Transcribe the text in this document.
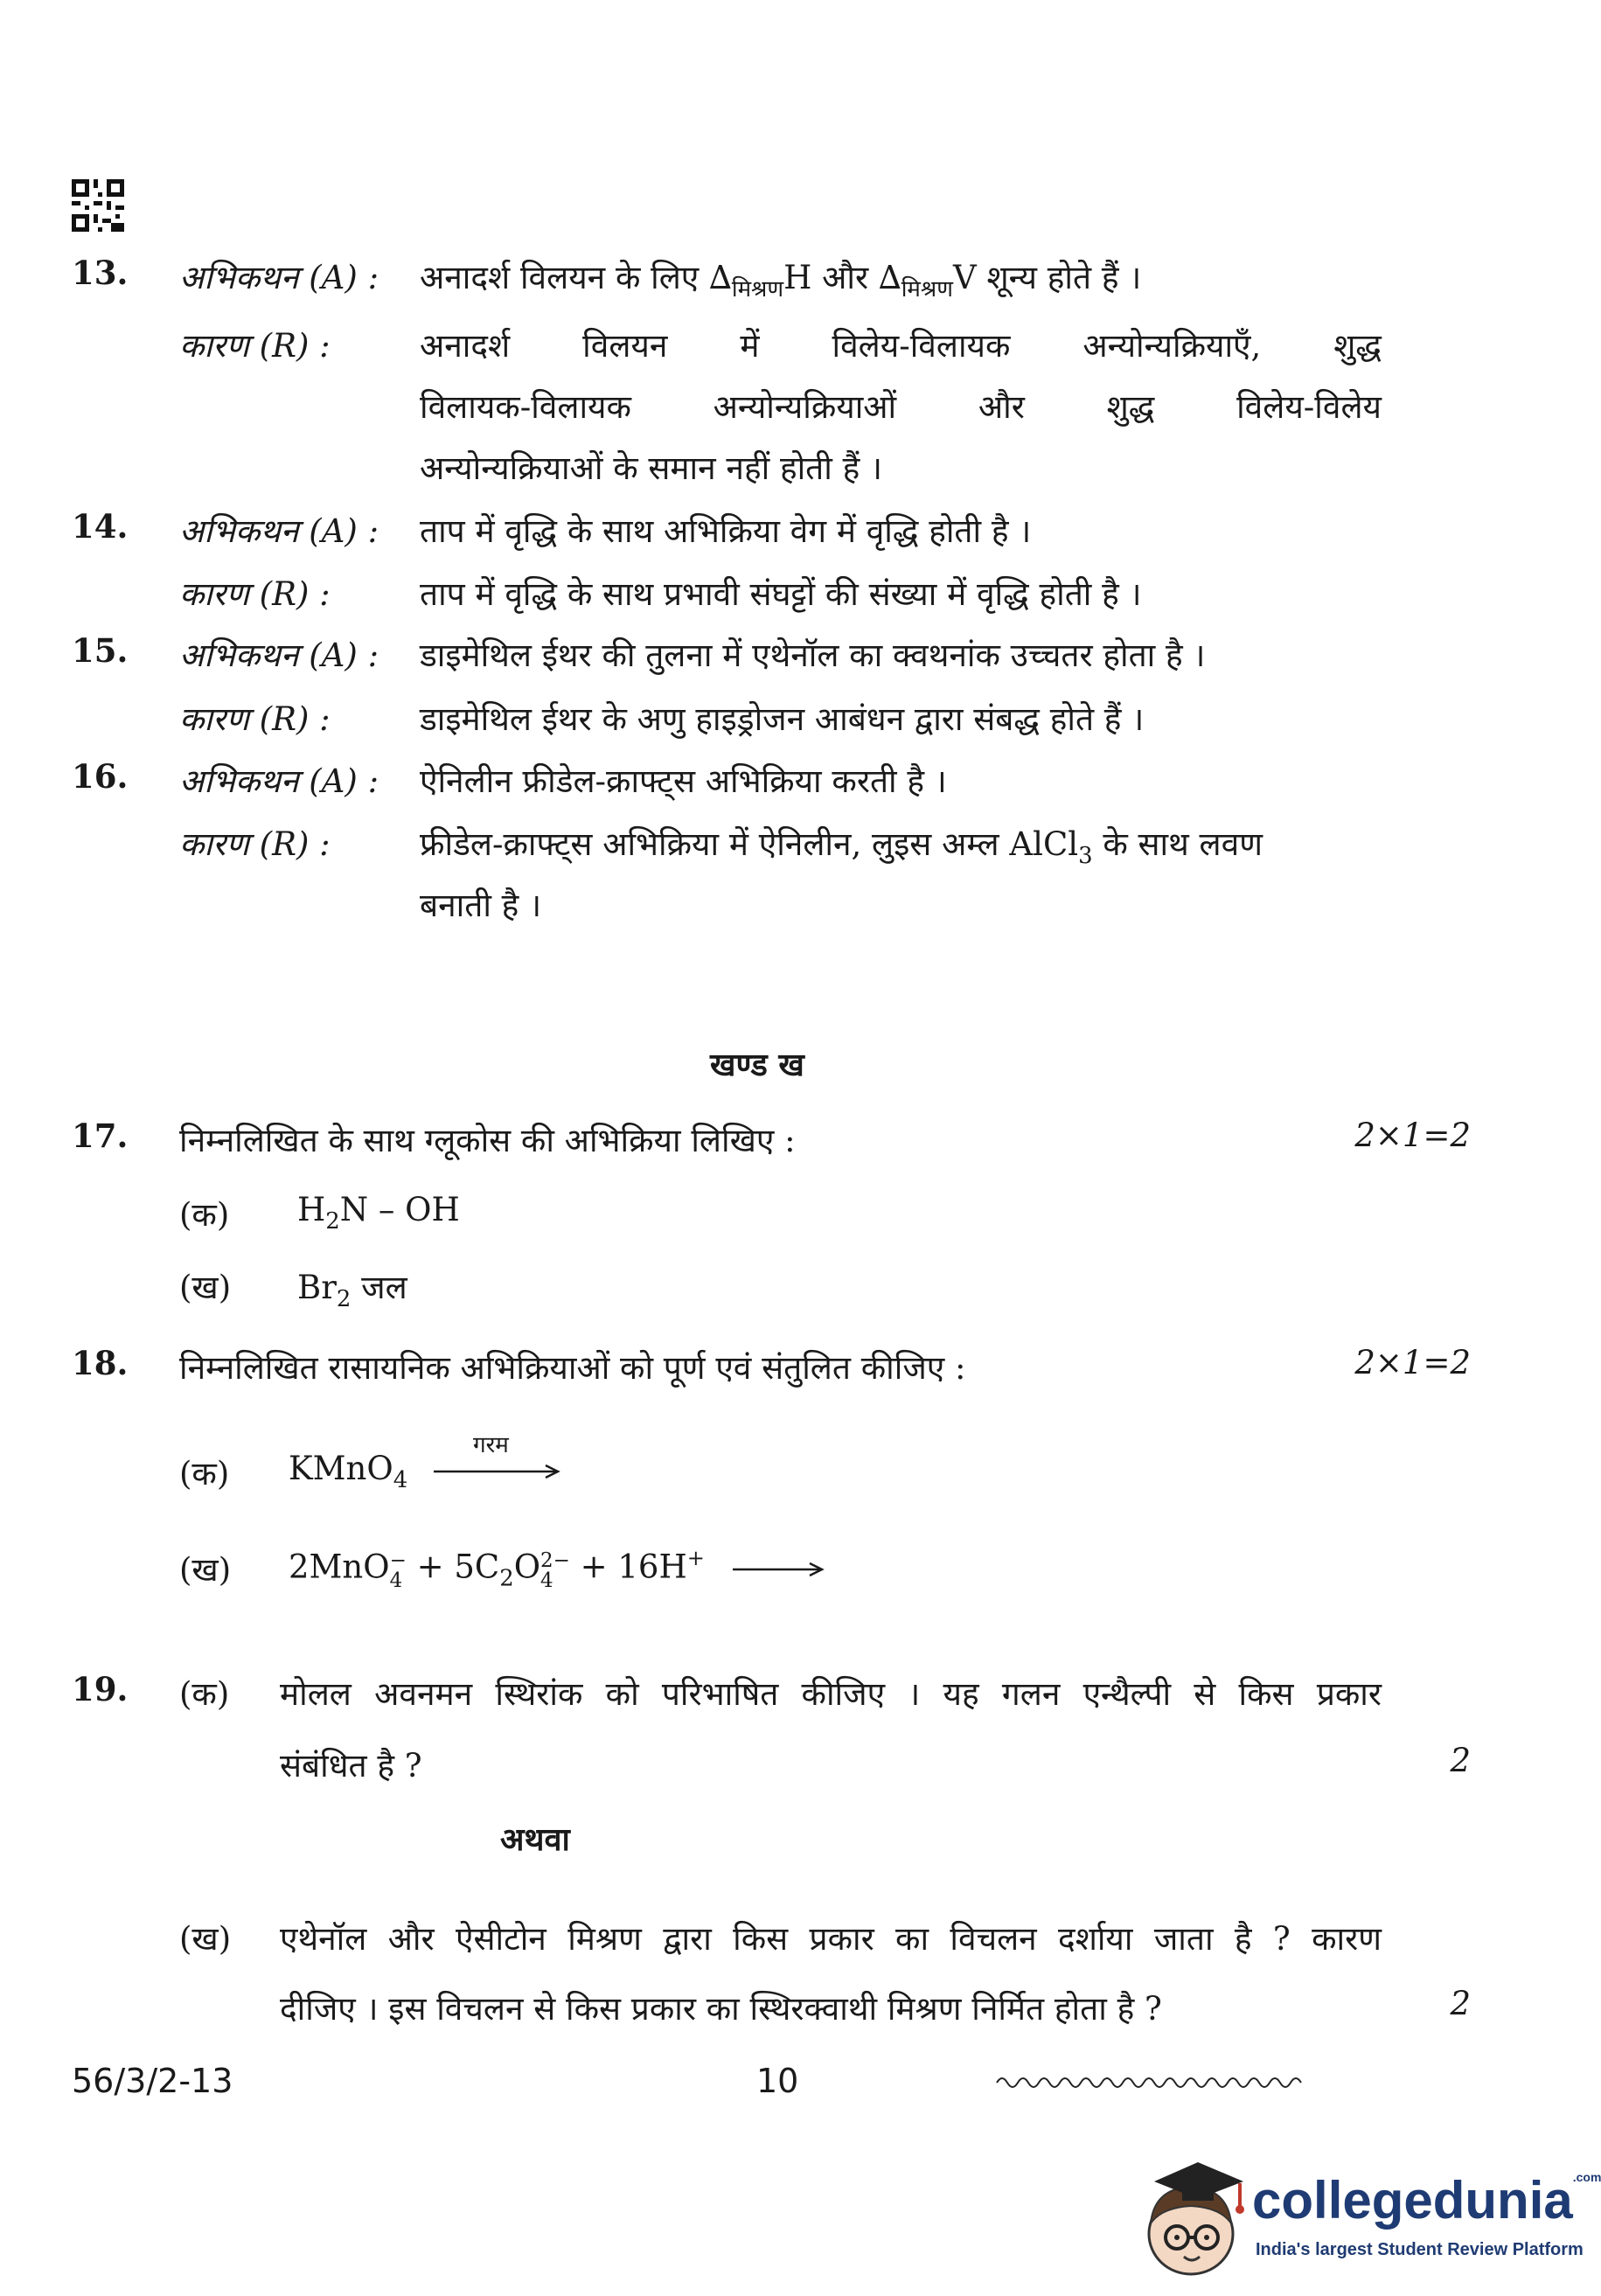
13. अभिकथन (A) : अनादर्श विलयन के लिए $\Delta_{मिश्रण}H$ और $\Delta_{मिश्रण}V$ शून्य होते हैं ।
कारण (R) :	अनादर्श विलयन में विलेय-विलायक अन्योन्यक्रियाएँ, शुद्ध
विलायक-विलायक अन्योन्यक्रियाओं और शुद्ध विलेय-विलेय
अन्योन्यक्रियाओं के समान नहीं होती हैं ।
14. अभिकथन (A) : ताप में वृद्धि के साथ अभिक्रिया वेग में वृद्धि होती है ।
कारण (R) :	ताप में वृद्धि के साथ प्रभावी संघट्टों की संख्या में वृद्धि होती है ।
15. अभिकथन (A) : डाइमेथिल ईथर की तुलना में एथेनॉल का क्वथनांक उच्चतर होता है ।
कारण (R) :	डाइमेथिल ईथर के अणु हाइड्रोजन आबंधन द्वारा संबद्ध होते हैं ।
16. अभिकथन (A) : ऐनिलीन फ्रीडेल-क्राफ्ट्स अभिक्रिया करती है ।
कारण (R) :	फ्रीडेल-क्राफ्ट्स अभिक्रिया में ऐनिलीन, लुइस अम्ल AlCl$_3$ के साथ लवण
बनाती है ।
खण्ड ख
17. निम्नलिखित के साथ ग्लूकोस की अभिक्रिया लिखिए :	2×1=2
(क) $H_2N$ – OH
(ख) $Br_2$ जल
18. निम्नलिखित रासायनिक अभिक्रियाओं को पूर्ण एवं संतुलित कीजिए :	2×1=2
(क) KMnO$_4$
गरम
(ख) 2MnO −
$4 + 5C_2O$ 2−
4 + 16H+ →
19. (क) मोलल अवनमन स्थिरांक को परिभाषित कीजिए । यह गलन एन्थैल्पी से किस प्रकार
संबंधित है ?	2
अथवा
(ख) एथेनॉल और ऐसीटोन मिश्रण द्वारा किस प्रकार का विचलन दर्शाया जाता है ? कारण
दीजिए । इस विचलन से किस प्रकार का स्थिरक्वाथी मिश्रण निर्मित होता है ?	2
56/3/2-13	10
collegedunia$^{.com}$
India's largest Student Review Platform
